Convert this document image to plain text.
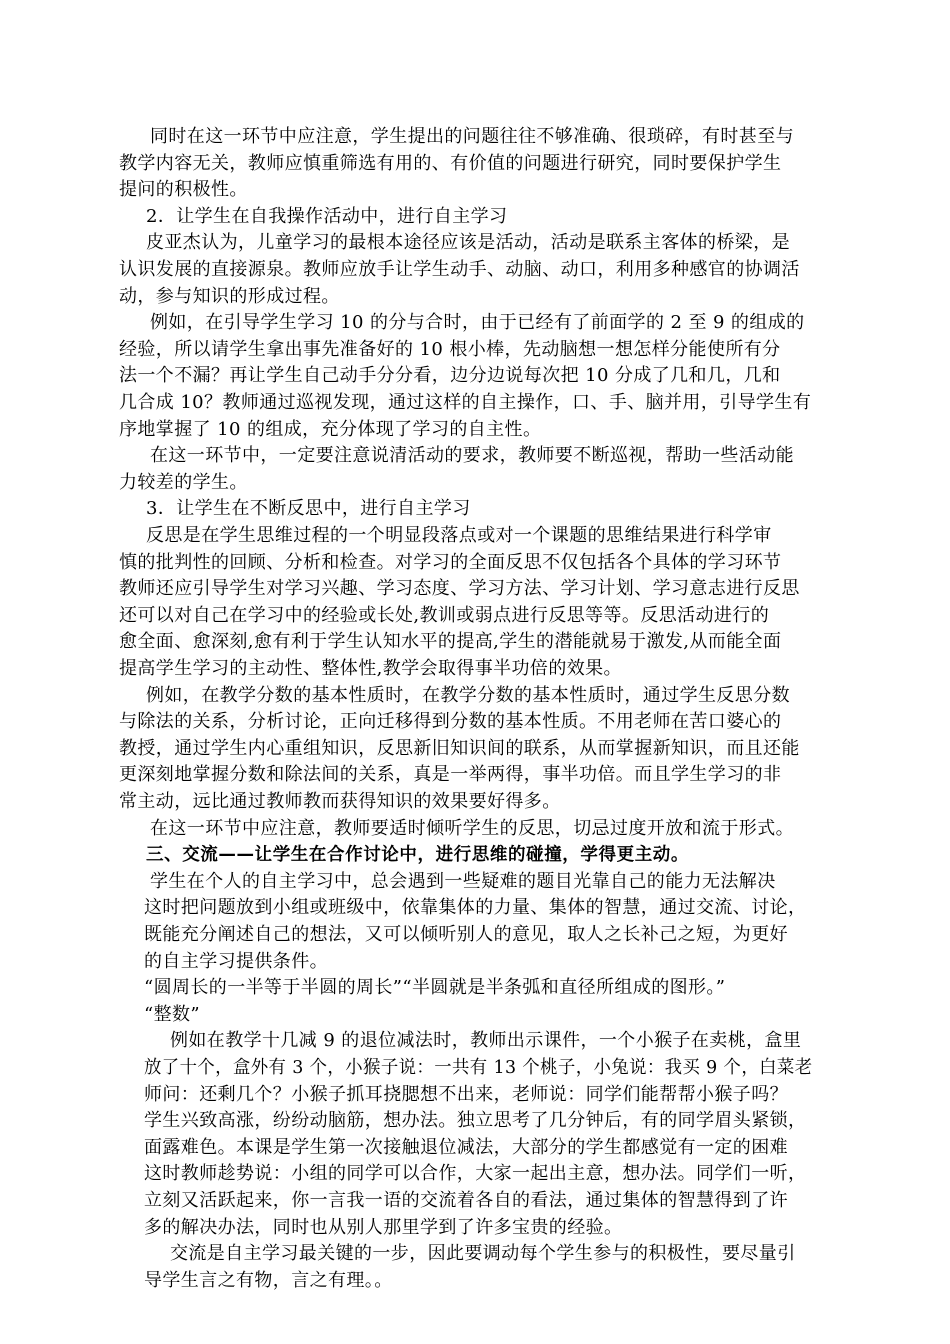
同时在这一环节中应注意，学生提出的问题往往不够准确、很琐碎，有时甚至与
教学内容无关，教师应慎重筛选有用的、有价值的问题进行研究，同时要保护学生
提问的积极性。
2．让学生在自我操作活动中，进行自主学习
皮亚杰认为，儿童学习的最根本途径应该是活动，活动是联系主客体的桥梁，是
认识发展的直接源泉。教师应放手让学生动手、动脑、动口，利用多种感官的协调活
动，参与知识的形成过程。
例如，在引导学生学习 10 的分与合时，由于已经有了前面学的 2 至 9 的组成的
经验，所以请学生拿出事先准备好的 10 根小棒，先动脑想一想怎样分能使所有分
法一个不漏？再让学生自己动手分分看，边分边说每次把 10 分成了几和几，几和
几合成 10？教师通过巡视发现，通过这样的自主操作，口、手、脑并用，引导学生有
序地掌握了 10 的组成，充分体现了学习的自主性。
在这一环节中，一定要注意说清活动的要求，教师要不断巡视，帮助一些活动能
力较差的学生。
3．让学生在不断反思中，进行自主学习
反思是在学生思维过程的一个明显段落点或对一个课题的思维结果进行科学审
慎的批判性的回顾、分析和检查。对学习的全面反思不仅包括各个具体的学习环节
教师还应引导学生对学习兴趣、学习态度、学习方法、学习计划、学习意志进行反思
还可以对自己在学习中的经验或长处,教训或弱点进行反思等等。反思活动进行的
愈全面、愈深刻,愈有利于学生认知水平的提高,学生的潜能就易于激发,从而能全面
提高学生学习的主动性、整体性,教学会取得事半功倍的效果。
例如，在教学分数的基本性质时，在教学分数的基本性质时，通过学生反思分数
与除法的关系，分析讨论，正向迁移得到分数的基本性质。不用老师在苦口婆心的
教授，通过学生内心重组知识，反思新旧知识间的联系，从而掌握新知识，而且还能
更深刻地掌握分数和除法间的关系，真是一举两得，事半功倍。而且学生学习的非
常主动，远比通过教师教而获得知识的效果要好得多。
在这一环节中应注意，教师要适时倾听学生的反思，切忌过度开放和流于形式。
三、交流——让学生在合作讨论中，进行思维的碰撞，学得更主动。
学生在个人的自主学习中，总会遇到一些疑难的题目光靠自己的能力无法解决
这时把问题放到小组或班级中，依靠集体的力量、集体的智慧，通过交流、讨论，
既能充分阐述自己的想法，又可以倾听别人的意见，取人之长补己之短，为更好
的自主学习提供条件。
“圆周长的一半等于半圆的周长”“半圆就是半条弧和直径所组成的图形。”
“整数”
例如在教学十几减 9 的退位减法时，教师出示课件，一个小猴子在卖桃，盒里
放了十个，盒外有 3 个，小猴子说：一共有 13 个桃子，小兔说：我买 9 个，白菜老
师问：还剩几个？小猴子抓耳挠腮想不出来，老师说：同学们能帮帮小猴子吗？
学生兴致高涨，纷纷动脑筋，想办法。独立思考了几分钟后，有的同学眉头紧锁，
面露难色。本课是学生第一次接触退位减法，大部分的学生都感觉有一定的困难
这时教师趁势说：小组的同学可以合作，大家一起出主意，想办法。同学们一听，
立刻又活跃起来，你一言我一语的交流着各自的看法，通过集体的智慧得到了许
多的解决办法，同时也从别人那里学到了许多宝贵的经验。
交流是自主学习最关键的一步，因此要调动每个学生参与的积极性，要尽量引
导学生言之有物，言之有理。。
